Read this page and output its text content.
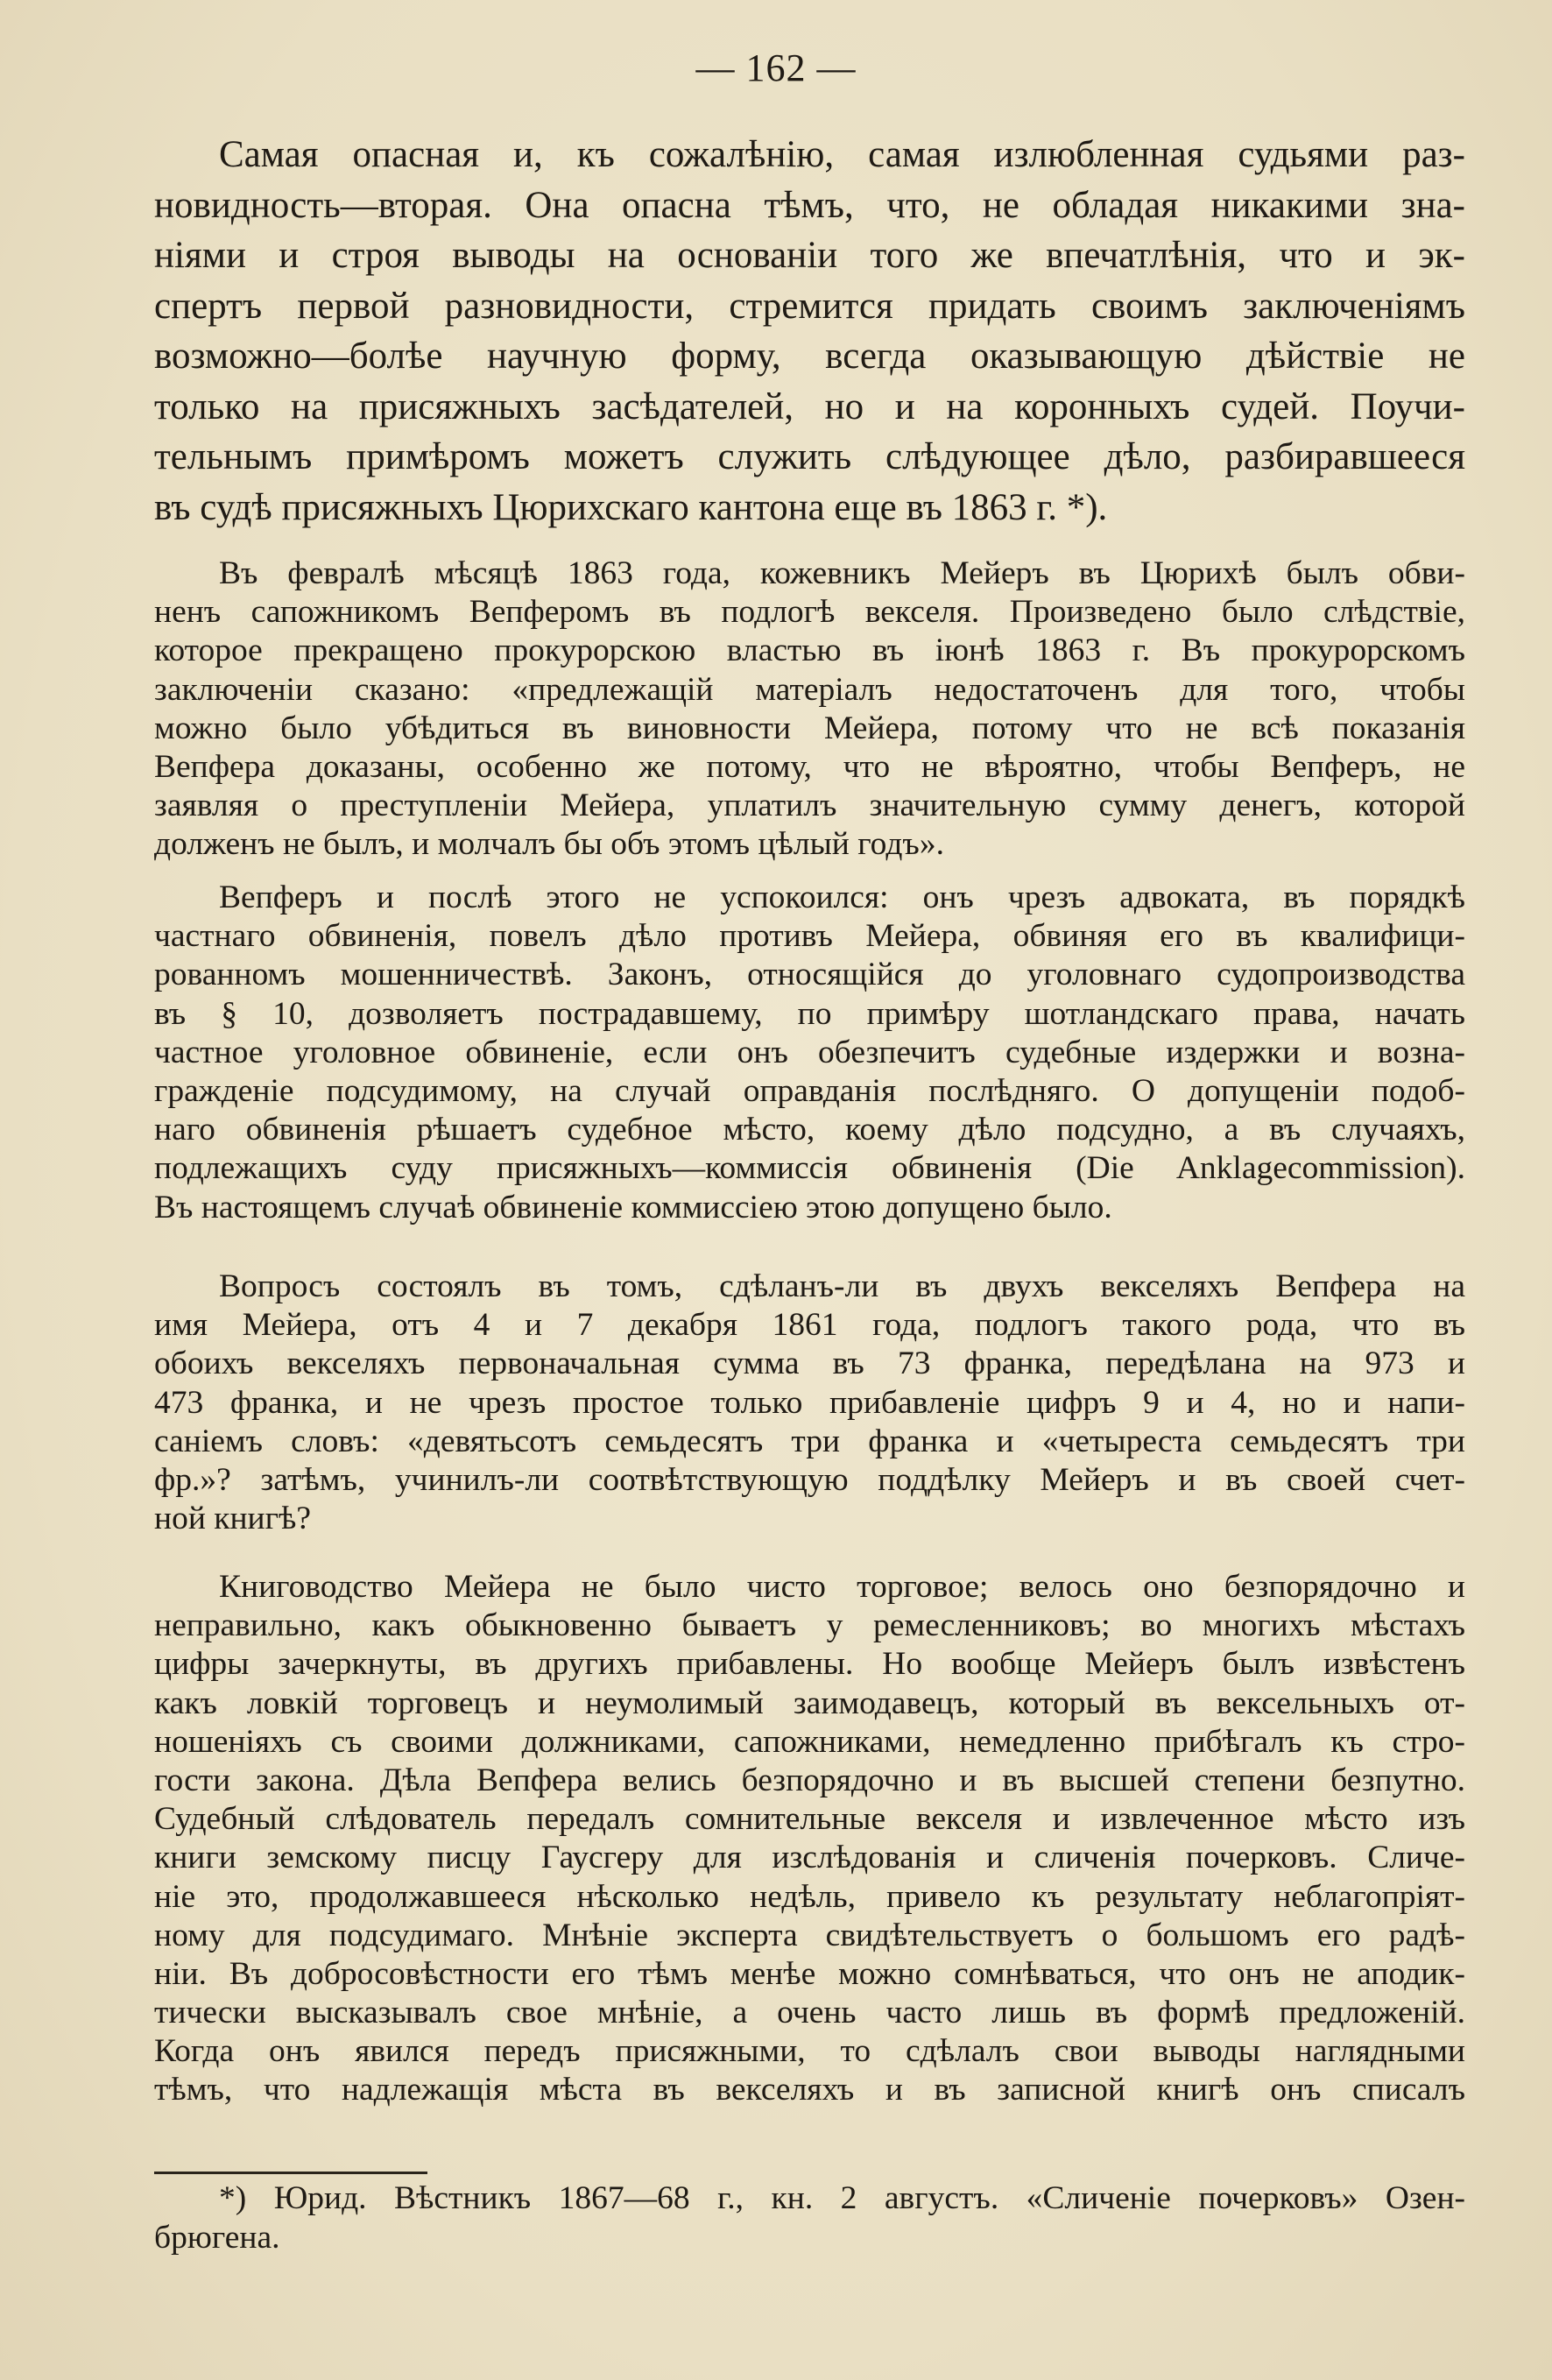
— 162 —
Самая опасная и, къ сожалѣнію, самая излюбленная судьями раз-
новидность—вторая. Она опасна тѣмъ, что, не обладая никакими зна-
ніями и строя выводы на основаніи того же впечатлѣнія, что и эк-
спертъ первой разновидности, стремится придать своимъ заключеніямъ
возможно—болѣе научную форму, всегда оказывающую дѣйствіе не
только на присяжныхъ засѣдателей, но и на коронныхъ судей. Поучи-
тельнымъ примѣромъ можетъ служить слѣдующее дѣло, разбиравшееся
въ судѣ присяжныхъ Цюрихскаго кантона еще въ 1863 г. *).
Въ февралѣ мѣсяцѣ 1863 года, кожевникъ Мейеръ въ Цюрихѣ былъ обви-
ненъ сапожникомъ Вепферомъ въ подлогѣ векселя. Произведено было слѣдствіе,
которое прекращено прокурорскою властью въ іюнѣ 1863 г. Въ прокурорскомъ
заключеніи сказано: «предлежащій матеріалъ недостаточенъ для того, чтобы
можно было убѣдиться въ виновности Мейера, потому что не всѣ показанія
Вепфера доказаны, особенно же потому, что не вѣроятно, чтобы Вепферъ, не
заявляя о преступленіи Мейера, уплатилъ значительную сумму денегъ, которой
долженъ не былъ, и молчалъ бы объ этомъ цѣлый годъ».
Вепферъ и послѣ этого не успокоился: онъ чрезъ адвоката, въ порядкѣ
частнаго обвиненія, повелъ дѣло противъ Мейера, обвиняя его въ квалифици-
рованномъ мошенничествѣ. Законъ, относящійся до уголовнаго судопроизводства
въ § 10, дозволяетъ пострадавшему, по примѣру шотландскаго права, начать
частное уголовное обвиненіе, если онъ обезпечитъ судебные издержки и возна-
гражденіе подсудимому, на случай оправданія послѣдняго. О допущеніи подоб-
наго обвиненія рѣшаетъ судебное мѣсто, коему дѣло подсудно, а въ случаяхъ,
подлежащихъ суду присяжныхъ—коммиссія обвиненія (Die Anklagecommission).
Въ настоящемъ случаѣ обвиненіе коммиссіею этою допущено было.
Вопросъ состоялъ въ томъ, сдѣланъ-ли въ двухъ векселяхъ Вепфера на
имя Мейера, отъ 4 и 7 декабря 1861 года, подлогъ такого рода, что въ
обоихъ векселяхъ первоначальная сумма въ 73 франка, передѣлана на 973 и
473 франка, и не чрезъ простое только прибавленіе цифръ 9 и 4, но и напи-
саніемъ словъ: «девятьсотъ семьдесятъ три франка и «четыреста семьдесятъ три
фр.»? затѣмъ, учинилъ-ли соотвѣтствующую поддѣлку Мейеръ и въ своей счет-
ной книгѣ?
Книговодство Мейера не было чисто торговое; велось оно безпорядочно и
неправильно, какъ обыкновенно бываетъ у ремесленниковъ; во многихъ мѣстахъ
цифры зачеркнуты, въ другихъ прибавлены. Но вообще Мейеръ былъ извѣстенъ
какъ ловкій торговецъ и неумолимый заимодавецъ, который въ вексельныхъ от-
ношеніяхъ съ своими должниками, сапожниками, немедленно прибѣгалъ къ стро-
гости закона. Дѣла Вепфера велись безпорядочно и въ высшей степени безпутно.
Судебный слѣдователь передалъ сомнительные векселя и извлеченное мѣсто изъ
книги земскому писцу Гаусгеру для изслѣдованія и сличенія почерковъ. Сличе-
ніе это, продолжавшееся нѣсколько недѣль, привело къ результату неблагопріят-
ному для подсудимаго. Мнѣніе эксперта свидѣтельствуетъ о большомъ его радѣ-
ніи. Въ добросовѣстности его тѣмъ менѣе можно сомнѣваться, что онъ не аподик-
тически высказывалъ свое мнѣніе, а очень часто лишь въ формѣ предложеній.
Когда онъ явился передъ присяжными, то сдѣлалъ свои выводы наглядными
тѣмъ, что надлежащія мѣста въ векселяхъ и въ записной книгѣ онъ списалъ
*) Юрид. Вѣстникъ 1867—68 г., кн. 2 августъ. «Сличеніе почерковъ» Озен-
брюгена.
